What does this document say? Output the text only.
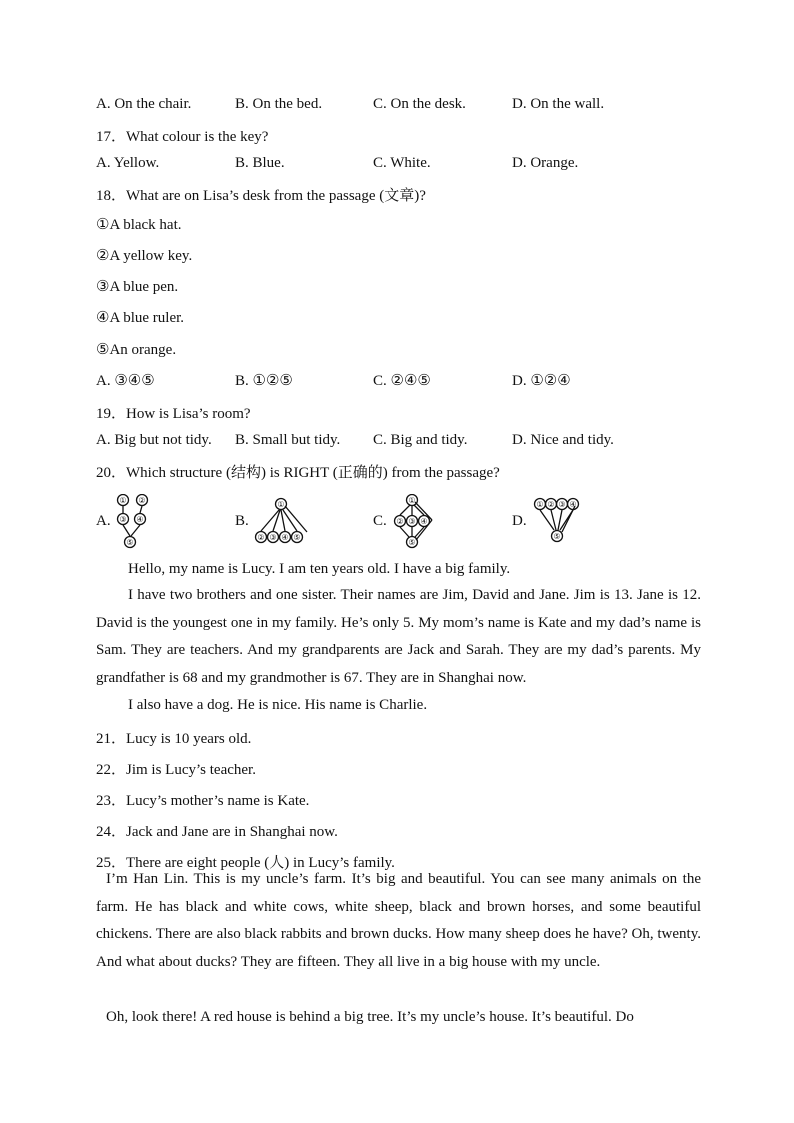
A. On the chair.	B. On the bed.	C. On the desk.	D. On the wall.
17．What colour is the key?
A. Yellow.	B. Blue.	C. White.	D. Orange.
18．What are on Lisa’s desk from the passage (文章)?
①A black hat.
②A yellow key.
③A blue pen.
④A blue ruler.
⑤An orange.
A. ③④⑤	B. ①②⑤	C. ②④⑤	D. ①②④
19．How is Lisa’s room?
A. Big but not tidy. B. Small but tidy. C. Big and tidy.	D. Nice and tidy.
20．Which structure (结构) is RIGHT (正确的) from the passage?
A.
① ②
③ ④
⑤
B.
①
② ③ ④ ⑤
C.
①
② ③ ④
⑤
D.
① ② ③ ④
⑤
Hello, my name is Lucy. I am ten years old. I have a big family.
I have two brothers and one sister. Their names are Jim, David and Jane. Jim is 13. Jane is 12. David is the youngest one in my family. He’s only 5. My mom’s name is Kate and my dad’s name is Sam. They are teachers. And my grandparents are Jack and Sarah. They are my dad’s parents. My grandfather is 68 and my grandmother is 67. They are in Shanghai now.
I also have a dog. He is nice. His name is Charlie.
21．Lucy is 10 years old.
22．Jim is Lucy’s teacher.
23．Lucy’s mother’s name is Kate.
24．Jack and Jane are in Shanghai now.
25．There are eight people (人) in Lucy’s family.
I’m Han Lin. This is my uncle’s farm. It’s big and beautiful. You can see many animals on the farm. He has black and white cows, white sheep, black and brown horses, and some beautiful chickens. There are also black rabbits and brown ducks. How many sheep does he have? Oh, twenty. And what about ducks? They are fifteen. They all live in a big house with my uncle.
Oh, look there! A red house is behind a big tree. It’s my uncle’s house. It’s beautiful. Do
